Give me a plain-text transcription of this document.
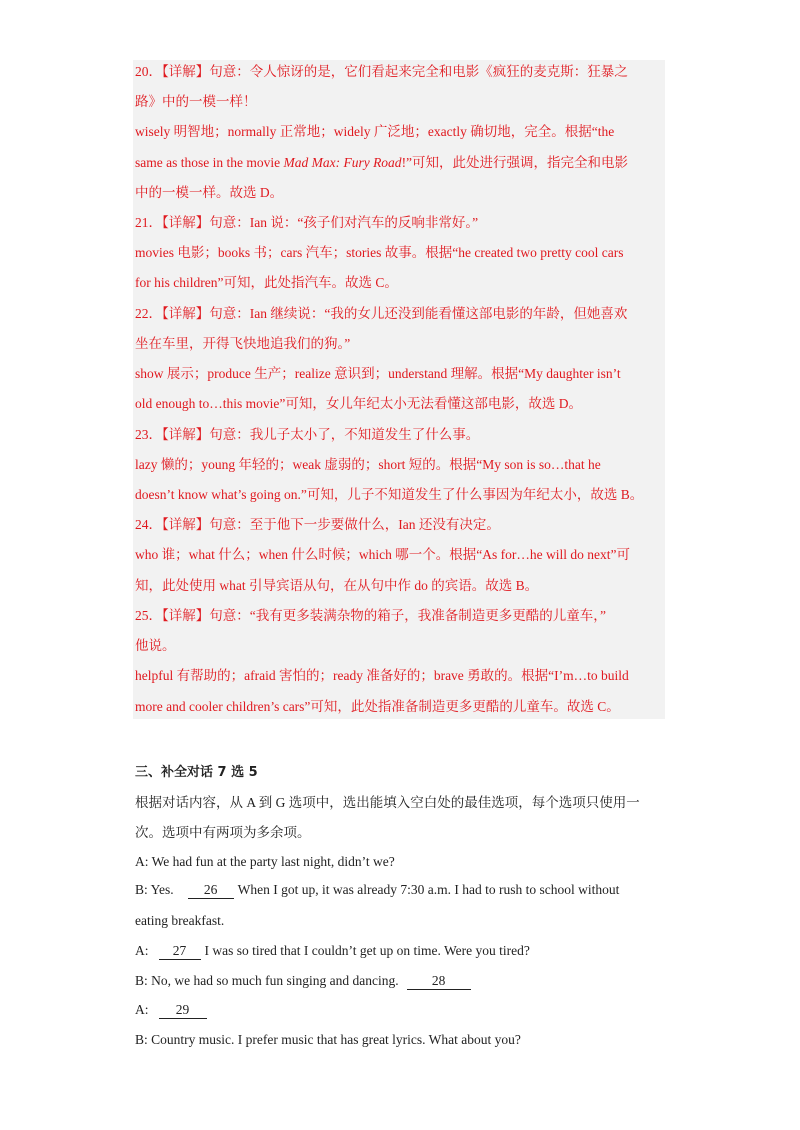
20．【详解】句意：令人惊讶的是，它们看起来完全和电影《疯狂的麦克斯：狂暴之
路》中的一模一样！
wisely 明智地；normally 正常地；widely 广泛地；exactly 确切地，完全。根据“the
same as those in the movie Mad Max: Fury Road!”可知，此处进行强调，指完全和电影
中的一模一样。故选 D。
21．【详解】句意：Ian 说：“孩子们对汽车的反响非常好。”
movies 电影；books 书；cars 汽车；stories 故事。根据“he created two pretty cool cars
for his children”可知，此处指汽车。故选 C。
22．【详解】句意：Ian 继续说：“我的女儿还没到能看懂这部电影的年龄，但她喜欢
坐在车里，开得飞快地追我们的狗。”
show 展示；produce 生产；realize 意识到；understand 理解。根据“My daughter isn’t
old enough to…this movie”可知，女儿年纪太小无法看懂这部电影，故选 D。
23．【详解】句意：我儿子太小了，不知道发生了什么事。
lazy 懒的；young 年轻的；weak 虚弱的；short 短的。根据“My son is so…that he
doesn’t know what’s going on.”可知，儿子不知道发生了什么事因为年纪太小，故选 B。
24．【详解】句意：至于他下一步要做什么，Ian 还没有决定。
who 谁；what 什么；when 什么时候；which 哪一个。根据“As for…he will do next”可
知，此处使用 what 引导宾语从句，在从句中作 do 的宾语。故选 B。
25．【详解】句意：“我有更多装满杂物的箱子，我准备制造更多更酷的儿童车，”
他说。
helpful 有帮助的；afraid 害怕的；ready 准备好的；brave 勇敢的。根据“I’m…to build
more and cooler children’s cars”可知，此处指准备制造更多更酷的儿童车。故选 C。
三、补全对话 7 选 5
根据对话内容，从 A 到 G 选项中，选出能填入空白处的最佳选项，每个选项只使用一
次。选项中有两项为多余项。
A: We had fun at the party last night, didn’t we?
B: Yes. 26 When I got up, it was already 7:30 a.m. I had to rush to school without
eating breakfast.
A: 27 I was so tired that I couldn’t get up on time. Were you tired?
B: No, we had so much fun singing and dancing. 28
A: 29
B: Country music. I prefer music that has great lyrics. What about you?
